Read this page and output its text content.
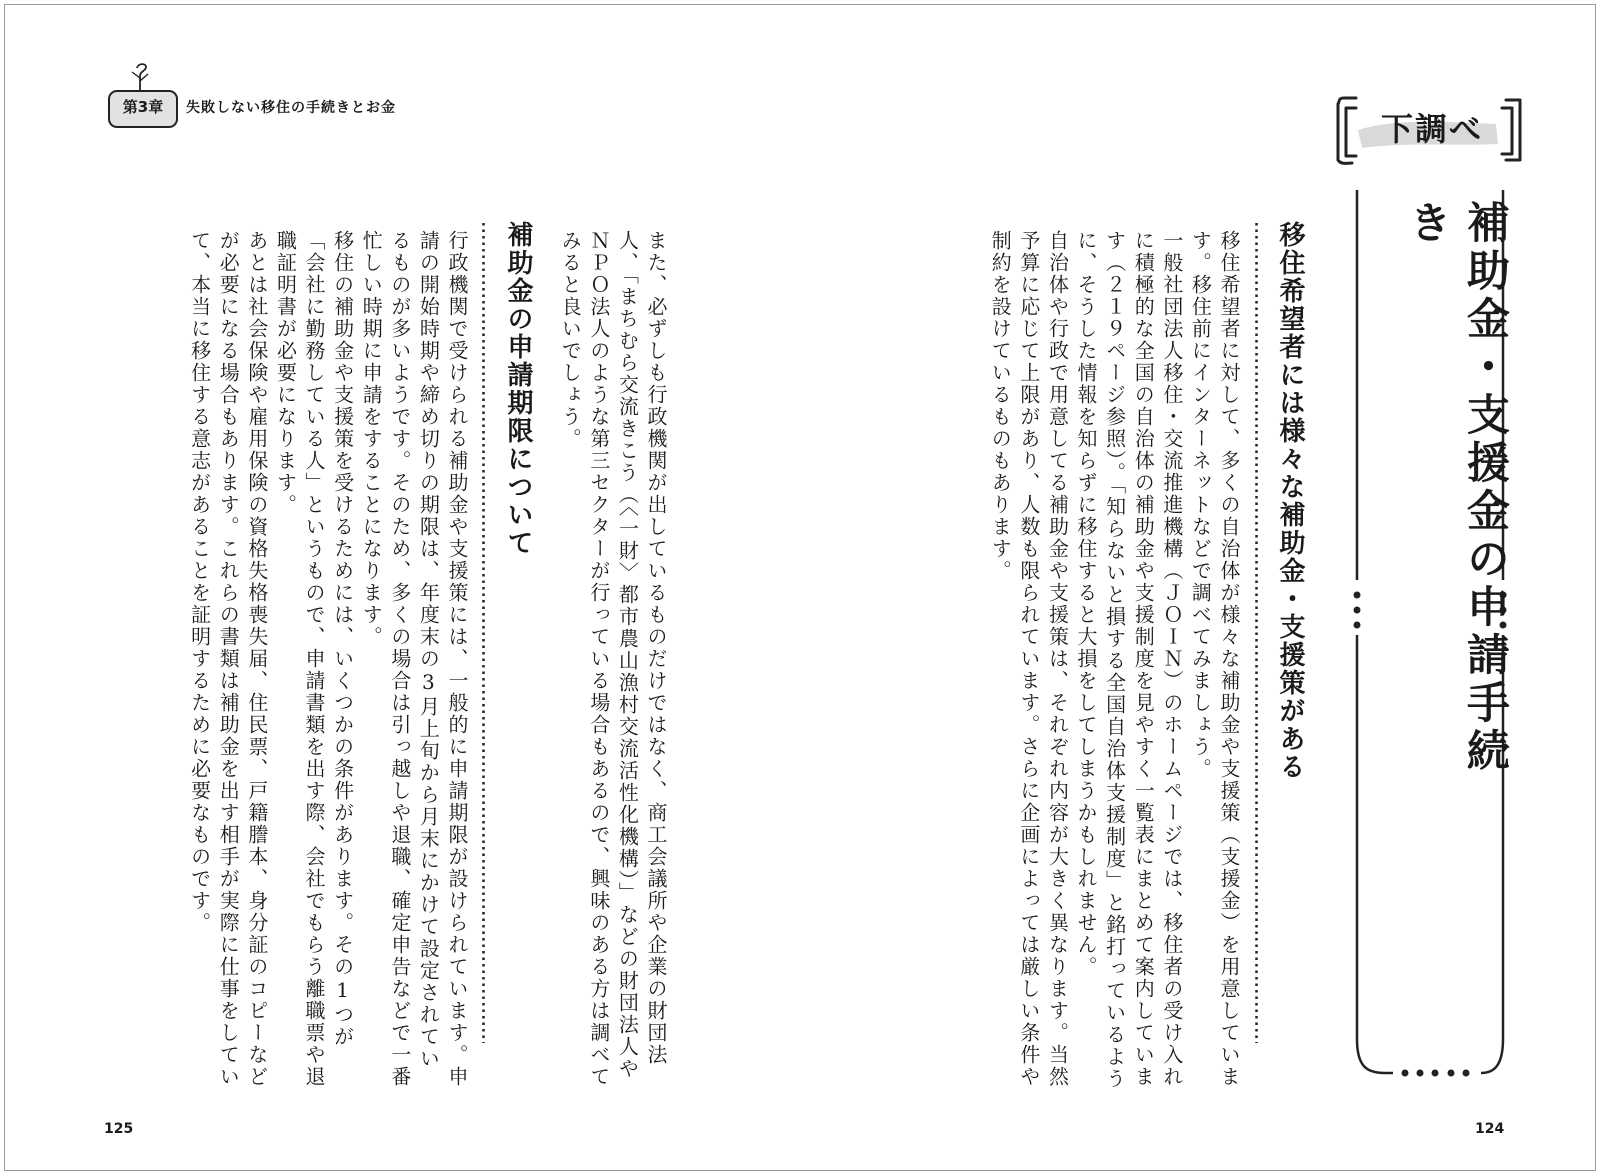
第3章	失敗しない移住の手続きとお金

また、必ずしも行政機関が出しているものだけではなく、商工会議所や企業の財団法人、「まちむら交流きこう（〈一財〉都市農山漁村交流活性化機構）」などの財団法人やＮＰＯ法人のような第三セクターが行っている場合もあるので、興味のある方は調べてみると良いでしょう。

補助金の申請期限について

行政機関で受けられる補助金や支援策には、一般的に申請期限が設けられています。申請の開始時期や締め切りの期限は、年度末の3月上旬から月末にかけて設定されているものが多いようです。そのため、多くの場合は引っ越しや退職、確定申告などで一番忙しい時期に申請をすることになります。

移住の補助金や支援策を受けるためには、いくつかの条件があります。その1つが「会社に勤務している人」というもので、申請書類を出す際、会社でもらう離職票や退職証明書が必要になります。

あとは社会保険や雇用保険の資格失格喪失届、住民票、戸籍謄本、身分証のコピーなどが必要になる場合もあります。これらの書類は補助金を出す相手が実際に仕事をしていて、本当に移住する意志があることを証明するために必要なものです。

125
下調べ
補助金・支援金の申請手続き
移住希望者には様々な補助金・支援策がある

移住希望者に対して、多くの自治体が様々な補助金や支援策（支援金）を用意しています。移住前にインターネットなどで調べてみましょう。

一般社団法人移住・交流推進機構（ＪＯＩＮ）のホームページでは、移住者の受け入れに積極的な全国の自治体の補助金や支援制度を見やすく一覧表にまとめて案内しています（２１９ページ参照）。「知らないと損する全国自治体支援制度」と銘打っているように、そうした情報を知らずに移住すると大損をしてしまうかもしれません。

自治体や行政で用意してる補助金や支援策は、それぞれ内容が大きく異なります。当然予算に応じて上限があり、人数も限られています。さらに企画によっては厳しい条件や制約を設けているものもあります。

124
